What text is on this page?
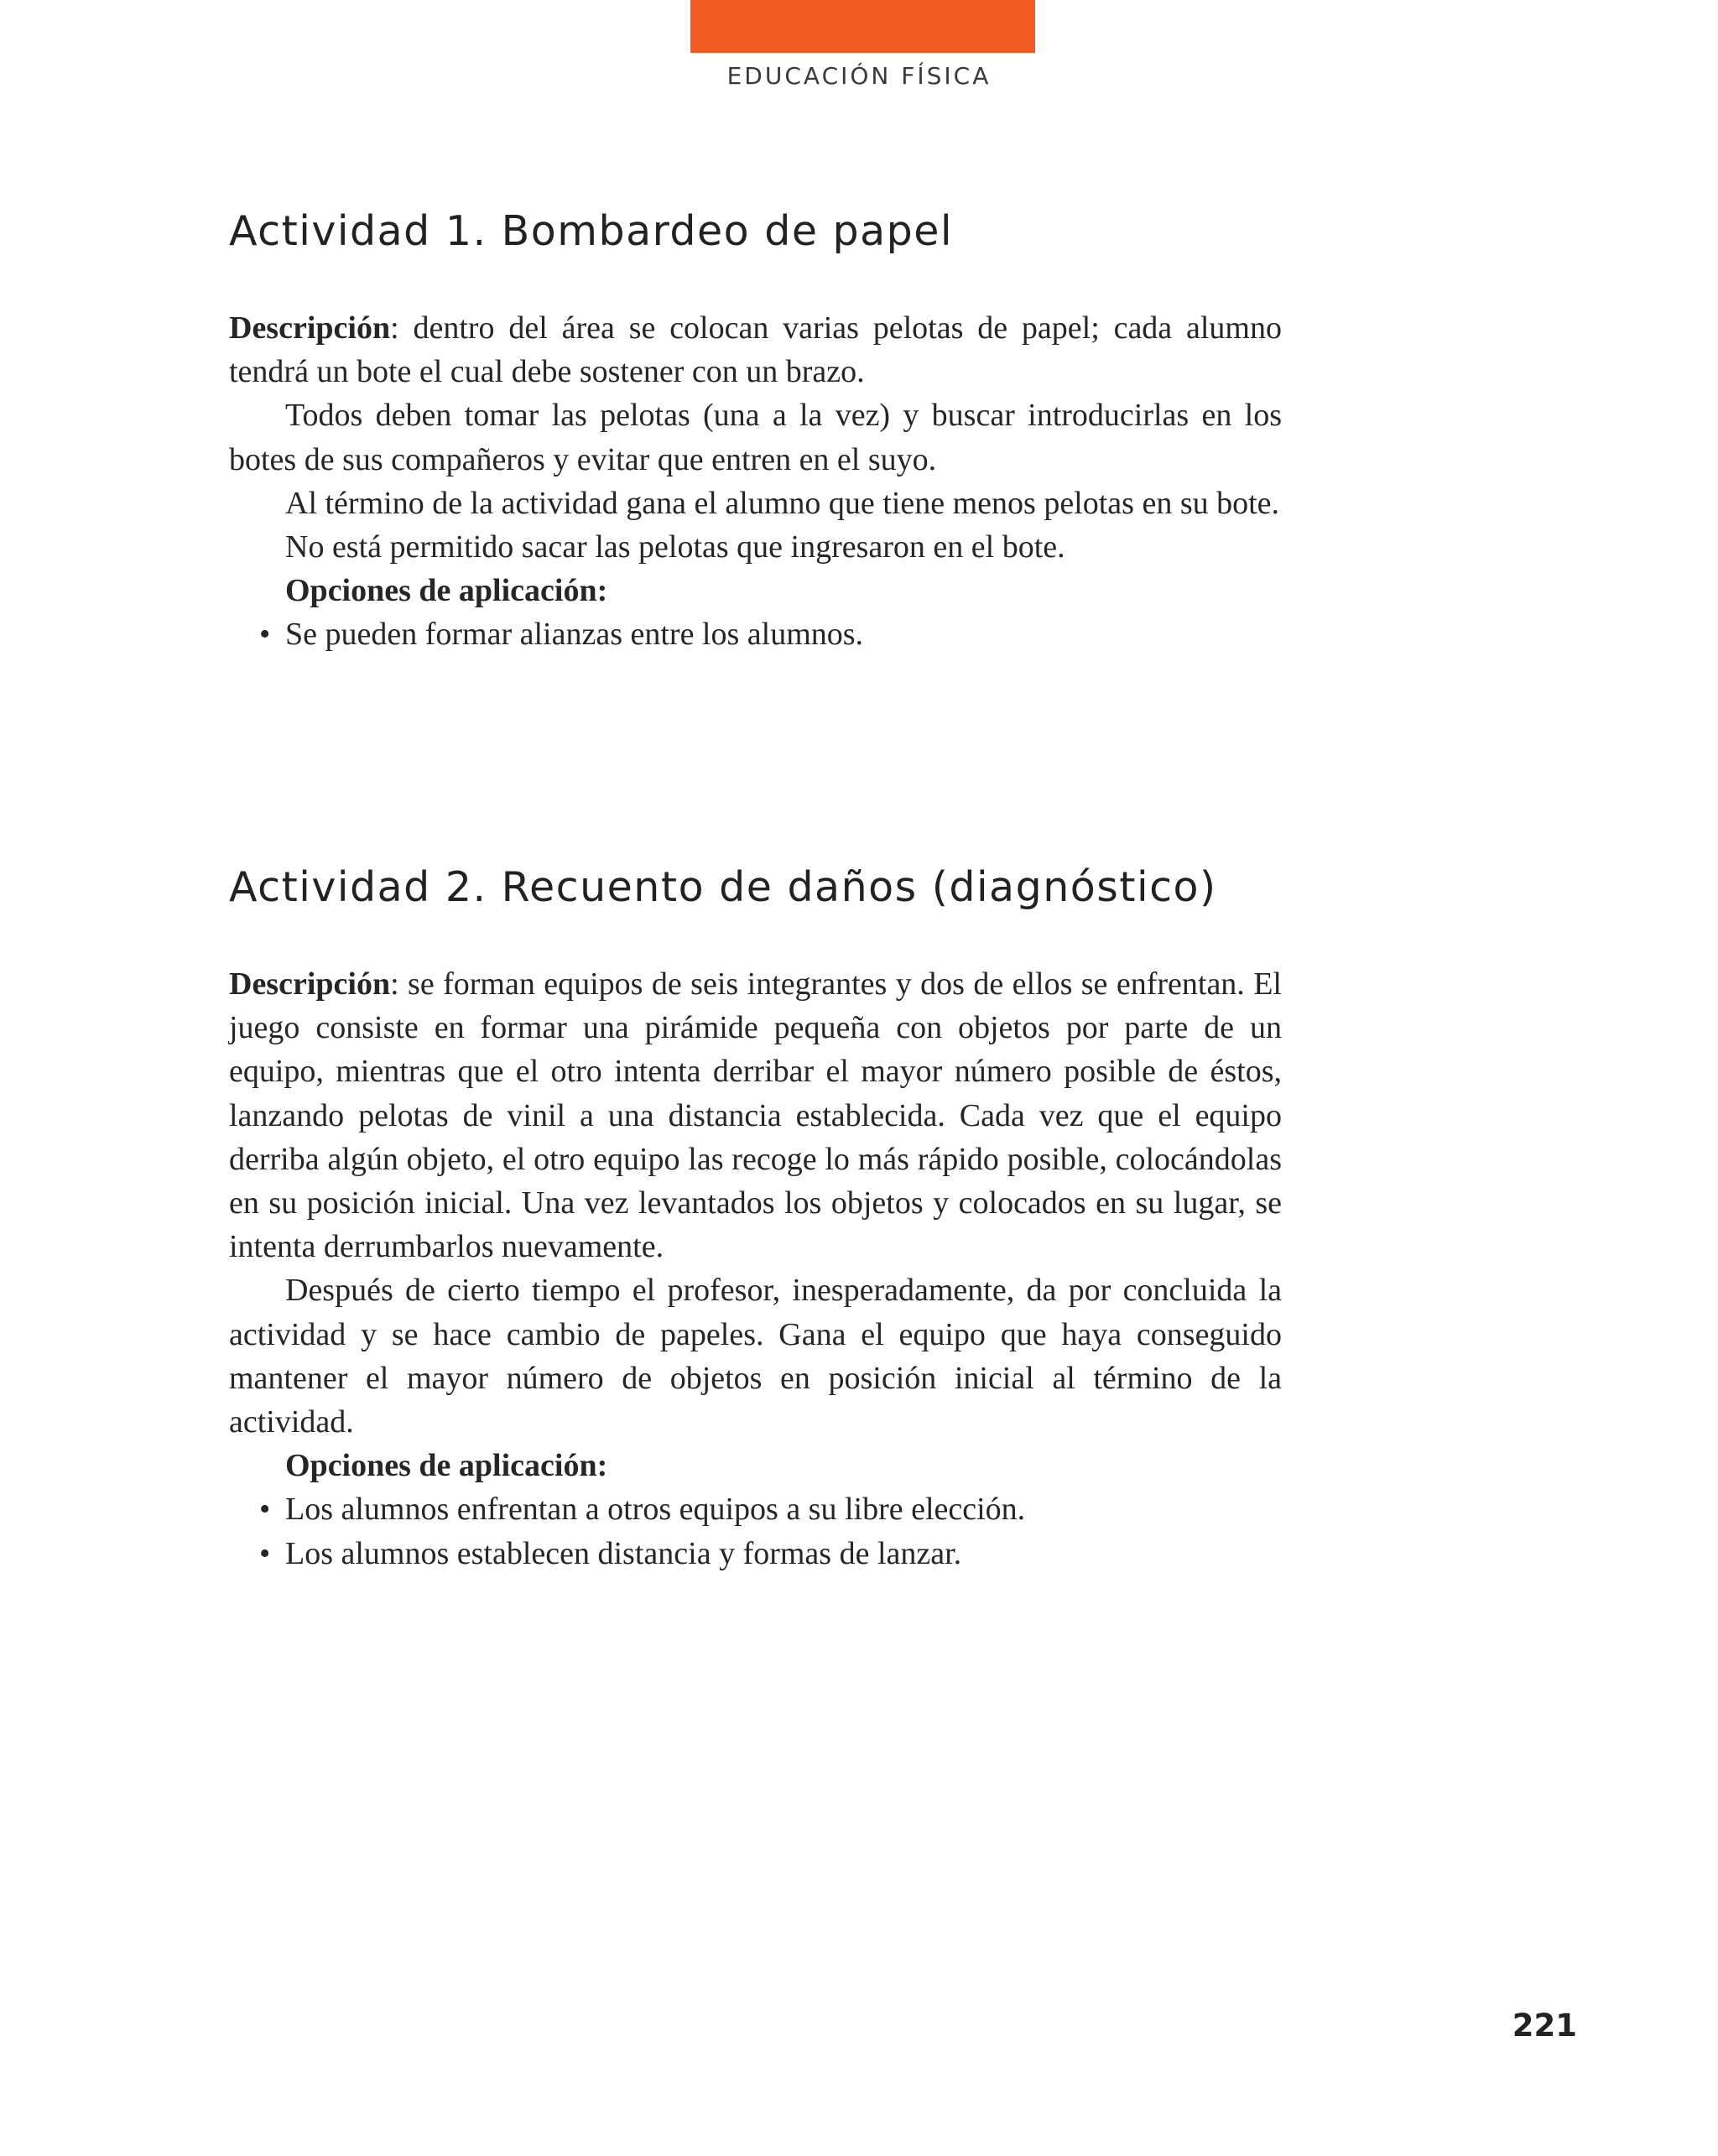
EDUCACIÓN FÍSICA
Actividad 1. Bombardeo de papel

Descripción: dentro del área se colocan varias pelotas de papel; cada alumno tendrá un bote el cual debe sostener con un brazo.

Todos deben tomar las pelotas (una a la vez) y buscar introducirlas en los botes de sus compañeros y evitar que entren en el suyo.

Al término de la actividad gana el alumno que tiene menos pelotas en su bote.

No está permitido sacar las pelotas que ingresaron en el bote.

Opciones de aplicación:

• Se pueden formar alianzas entre los alumnos.
Actividad 2. Recuento de daños (diagnóstico)

Descripción: se forman equipos de seis integrantes y dos de ellos se enfrentan. El juego consiste en formar una pirámide pequeña con objetos por parte de un equipo, mientras que el otro intenta derribar el mayor número posible de éstos, lanzando pelotas de vinil a una distancia establecida. Cada vez que el equipo derriba algún objeto, el otro equipo las recoge lo más rápido posible, colocándolas en su posición inicial. Una vez levantados los objetos y colocados en su lugar, se intenta derrumbarlos nuevamente.

Después de cierto tiempo el profesor, inesperadamente, da por concluida la actividad y se hace cambio de papeles. Gana el equipo que haya conseguido mantener el mayor número de objetos en posición inicial al término de la actividad.

Opciones de aplicación:

• Los alumnos enfrentan a otros equipos a su libre elección.
• Los alumnos establecen distancia y formas de lanzar.
221
